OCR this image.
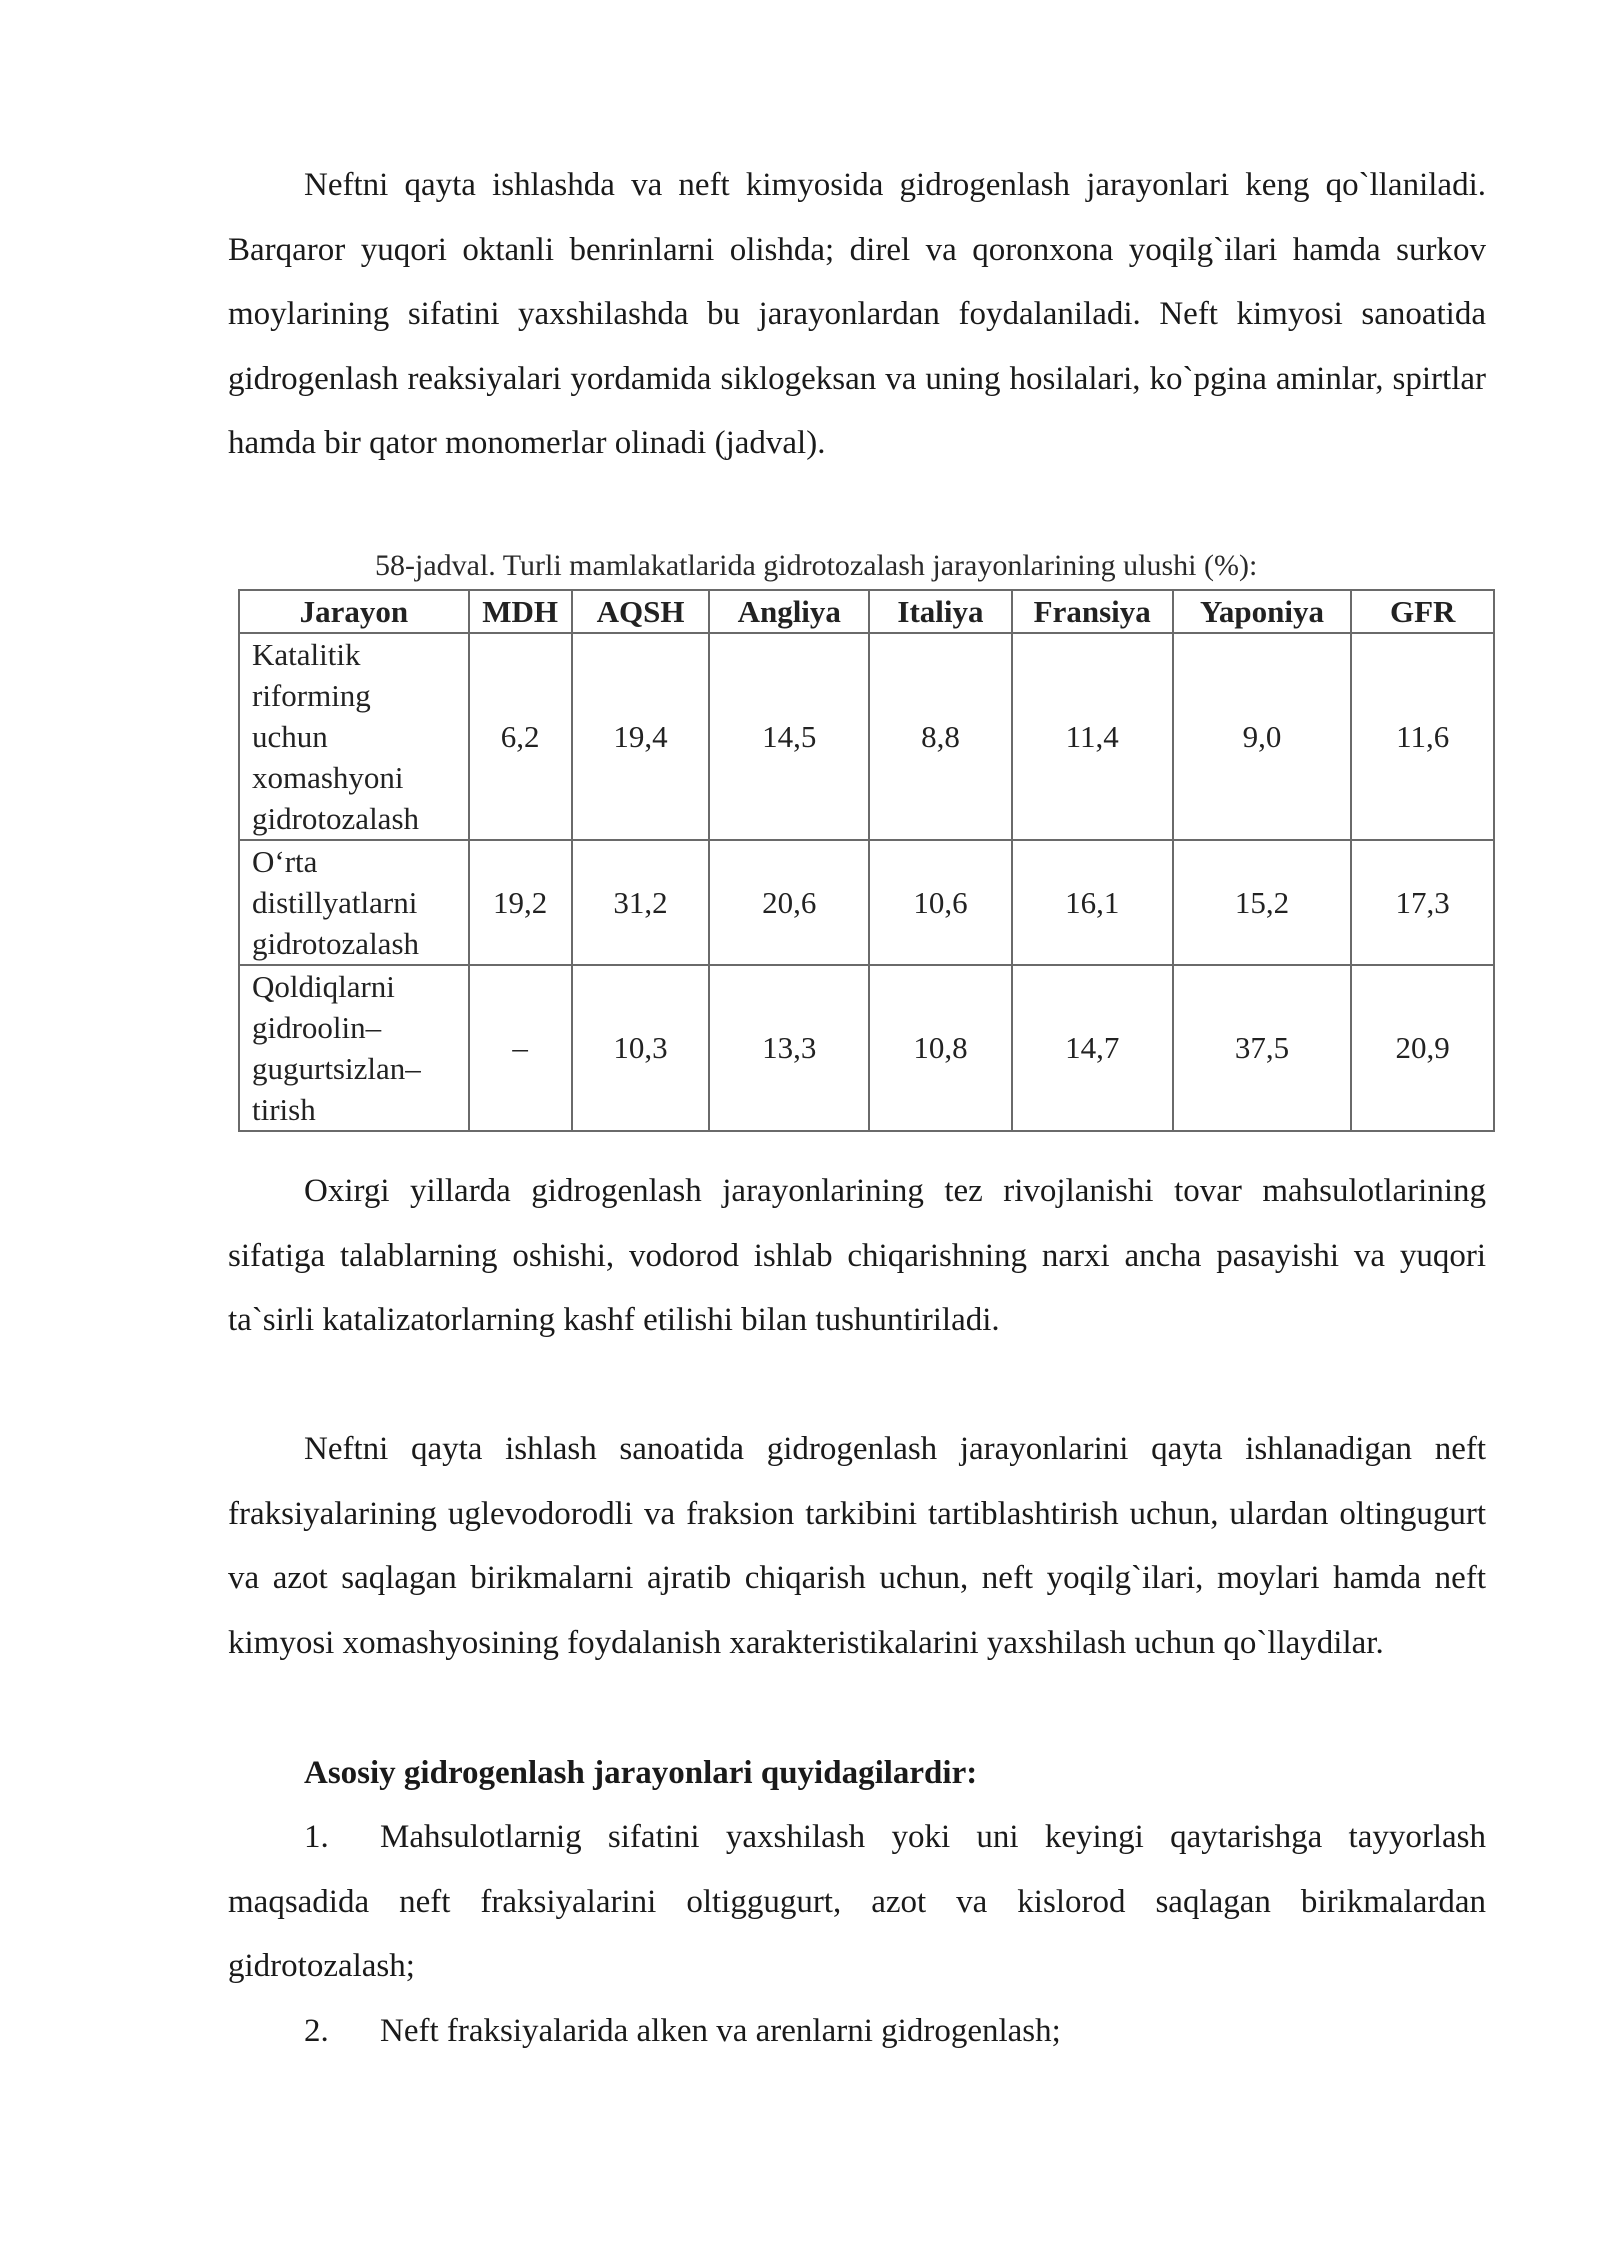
Neftni qayta ishlashda va neft kimyosida gidrogenlash jarayonlari keng qo`llaniladi. Barqaror yuqori oktanli benrinlarni olishda; direl va qoronxona yoqilg`ilari hamda surkov moylarining sifatini yaxshilashda bu jarayonlardan foydalaniladi. Neft kimyosi sanoatida gidrogenlash reaksiyalari yordamida siklogeksan va uning hosilalari, ko`pgina aminlar, spirtlar hamda bir qator monomerlar olinadi (jadval).

58-jadval. Turli mamlakatlarida gidrotozalash jarayonlarining ulushi (%):
Jarayon	MDH	AQSH	Angliya	Italiya	Fransiya	Yaponiya	GFR

Katalitik
riforming
uchun
xomashyoni
gidrotozalash	6,2	19,4	14,5	8,8	11,4	9,0	11,6

O‘rta
distillyatlarni
gidrotozalash	19,2	31,2	20,6	10,6	16,1	15,2	17,3

Qoldiqlarni
gidroolin–
gugurtsizlan–
tirish	–	10,3	13,3	10,8	14,7	37,5	20,9

Oxirgi yillarda gidrogenlash jarayonlarining tez rivojlanishi tovar mahsulotlarining sifatiga talablarning oshishi, vodorod ishlab chiqarishning narxi ancha pasayishi va yuqori ta`sirli katalizatorlarning kashf etilishi bilan tushuntiriladi.

Neftni qayta ishlash sanoatida gidrogenlash jarayonlarini qayta ishlanadigan neft fraksiyalarining uglevodorodli va fraksion tarkibini tartiblashtirish uchun, ulardan oltingugurt va azot saqlagan birikmalarni ajratib chiqarish uchun, neft yoqilg`ilari, moylari hamda neft kimyosi xomashyosining foydalanish xarakteristikalarini yaxshilash uchun qo`llaydilar.

Asosiy gidrogenlash jarayonlari quyidagilardir:

1.	Mahsulotlarnig sifatini yaxshilash yoki uni keyingi qaytarishga tayyorlash maqsadida neft fraksiyalarini oltiggugurt, azot va kislorod saqlagan birikmalardan gidrotozalash;

2.	Neft fraksiyalarida alken va arenlarni gidrogenlash;
